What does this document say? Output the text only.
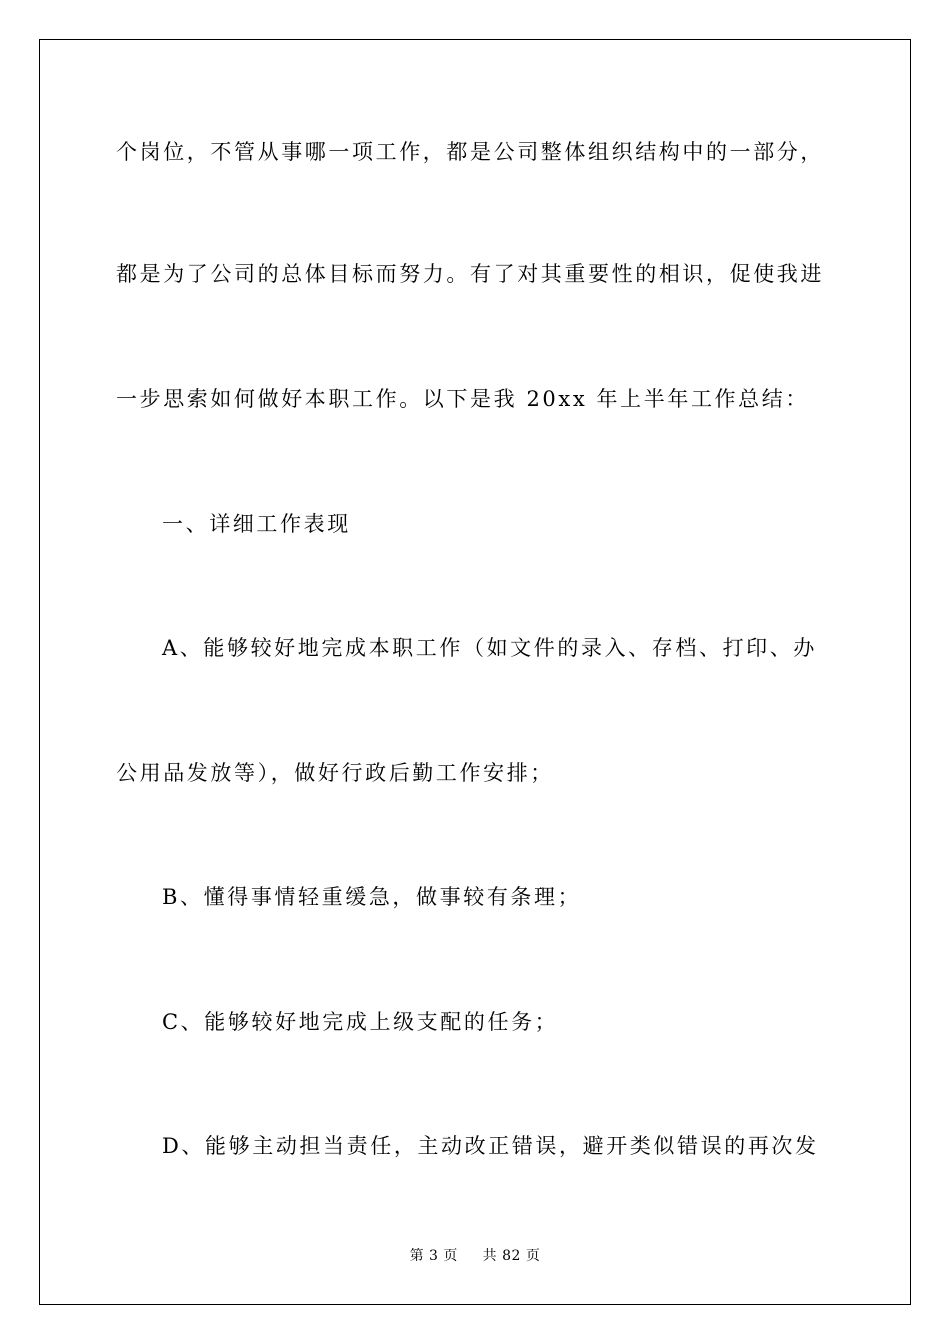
个岗位，不管从事哪一项工作，都是公司整体组织结构中的一部分，
都是为了公司的总体目标而努力。有了对其重要性的相识，促使我进
一步思索如何做好本职工作。以下是我 20xx 年上半年工作总结：
一、详细工作表现
A、能够较好地完成本职工作（如文件的录入、存档、打印、办
公用品发放等），做好行政后勤工作安排；
B、懂得事情轻重缓急，做事较有条理；
C、能够较好地完成上级支配的任务；
D、能够主动担当责任，主动改正错误，避开类似错误的再次发
第 3 页 共 82 页
